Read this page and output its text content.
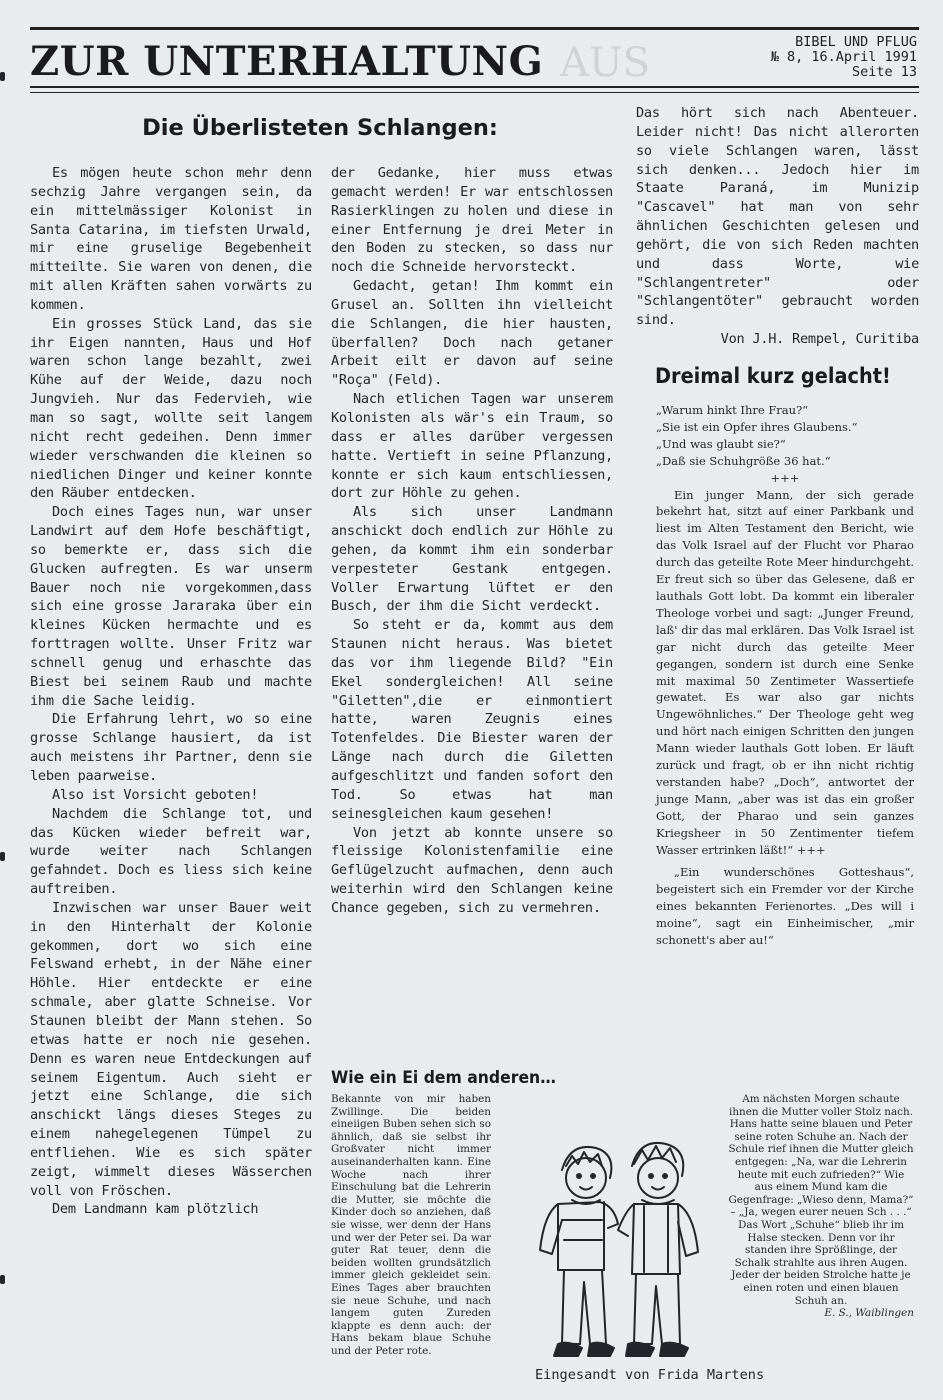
AUS
ZUR UNTERHALTUNG	BIBEL UND PFLUG
№ 8, 16.April 1991
Seite 13
Die Überlisteten Schlangen:

Es mögen heute schon mehr denn sechzig Jahre vergangen sein, da ein mittelmässiger Kolonist in Santa Catarina, im tiefsten Urwald, mir eine gruselige Begebenheit mitteilte. Sie waren von denen, die mit allen Kräften sahen vorwärts zu kommen.

Ein grosses Stück Land, das sie ihr Eigen nannten, Haus und Hof waren schon lange bezahlt, zwei Kühe auf der Weide, dazu noch Jungvieh. Nur das Federvieh, wie man so sagt, wollte seit langem nicht recht gedeihen. Denn immer wieder verschwanden die kleinen so niedlichen Dinger und keiner konnte den Räuber entdecken.

Doch eines Tages nun, war unser Landwirt auf dem Hofe beschäftigt, so bemerkte er, dass sich die Glucken aufregten. Es war unserm Bauer noch nie vorgekommen,dass sich eine grosse Jararaka über ein kleines Kücken hermachte und es forttragen wollte. Unser Fritz war schnell genug und erhaschte das Biest bei seinem Raub und machte ihm die Sache leidig.

Die Erfahrung lehrt, wo so eine grosse Schlange hausiert, da ist auch meistens ihr Partner, denn sie leben paarweise.

Also ist Vorsicht geboten!

Nachdem die Schlange tot, und das Kücken wieder befreit war, wurde weiter nach Schlangen gefahndet. Doch es liess sich keine auftreiben.

Inzwischen war unser Bauer weit in den Hinterhalt der Kolonie gekommen, dort wo sich eine Felswand erhebt, in der Nähe einer Höhle. Hier entdeckte er eine schmale, aber glatte Schneise. Vor Staunen bleibt der Mann stehen. So etwas hatte er noch nie gesehen. Denn es waren neue Entdeckungen auf seinem Eigentum. Auch sieht er jetzt eine Schlange, die sich anschickt längs dieses Steges zu einem nahegelegenen Tümpel zu entfliehen. Wie es sich später zeigt, wimmelt dieses Wässerchen voll von Fröschen.

Dem Landmann kam plötzlich

der Gedanke, hier muss etwas gemacht werden! Er war entschlossen Rasierklingen zu holen und diese in einer Entfernung je drei Meter in den Boden zu stecken, so dass nur noch die Schneide hervorsteckt.

Gedacht, getan! Ihm kommt ein Grusel an. Sollten ihn vielleicht die Schlangen, die hier hausten, überfallen? Doch nach getaner Arbeit eilt er davon auf seine "Roça" (Feld).

Nach etlichen Tagen war unserem Kolonisten als wär's ein Traum, so dass er alles darüber vergessen hatte. Vertieft in seine Pflanzung, konnte er sich kaum entschliessen, dort zur Höhle zu gehen.

Als sich unser Landmann anschickt doch endlich zur Höhle zu gehen, da kommt ihm ein sonderbar verpesteter Gestank entgegen. Voller Erwartung lüftet er den Busch, der ihm die Sicht verdeckt.

So steht er da, kommt aus dem Staunen nicht heraus. Was bietet das vor ihm liegende Bild? "Ein Ekel sondergleichen! All seine "Giletten",die er einmontiert hatte, waren Zeugnis eines Totenfeldes. Die Biester waren der Länge nach durch die Giletten aufgeschlitzt und fanden sofort den Tod. So etwas hat man seinesgleichen kaum gesehen!

Von jetzt ab konnte unsere so fleissige Kolonistenfamilie eine Geflügelzucht aufmachen, denn auch weiterhin wird den Schlangen keine Chance gegeben, sich zu vermehren.

Das hört sich nach Abenteuer. Leider nicht! Das nicht allerorten so viele Schlangen waren, lässt sich denken... Jedoch hier im Staate Paraná, im Munizip "Cascavel" hat man von sehr ähnlichen Geschichten gelesen und gehört, die von sich Reden machten und dass Worte, wie "Schlangentreter" oder "Schlangentöter" gebraucht worden sind.

Von J.H. Rempel, Curitiba

Dreimal kurz gelacht!

„Warum hinkt Ihre Frau?“

„Sie ist ein Opfer ihres Glaubens.“

„Und was glaubt sie?“

„Daß sie Schuhgröße 36 hat.“

+++

Ein junger Mann, der sich gerade bekehrt hat, sitzt auf einer Parkbank und liest im Alten Testament den Bericht, wie das Volk Israel auf der Flucht vor Pharao durch das geteilte Rote Meer hindurchgeht. Er freut sich so über das Gelesene, daß er lauthals Gott lobt. Da kommt ein liberaler Theologe vorbei und sagt: „Junger Freund, laß' dir das mal erklären. Das Volk Israel ist gar nicht durch das geteilte Meer gegangen, sondern ist durch eine Senke mit maximal 50 Zentimeter Wassertiefe gewatet. Es war also gar nichts Ungewöhnliches.“ Der Theologe geht weg und hört nach einigen Schritten den jungen Mann wieder lauthals Gott loben. Er läuft zurück und fragt, ob er ihn nicht richtig verstanden habe? „Doch“, antwortet der junge Mann, „aber was ist das ein großer Gott, der Pharao und sein ganzes Kriegsheer in 50 Zentimenter tiefem Wasser ertrinken läßt!“ +++

„Ein wunderschönes Gotteshaus“, begeistert sich ein Fremder vor der Kirche eines bekannten Ferienortes. „Des will i moine“, sagt ein Einheimischer, „mir schonett's aber au!“

Wie ein Ei dem anderen…

Bekannte von mir haben Zwillinge. Die beiden eineiigen Buben sehen sich so ähnlich, daß sie selbst ihr Großvater nicht immer auseinanderhalten kann. Eine Woche nach ihrer Einschulung bat die Lehrerin die Mutter, sie möchte die Kinder doch so anziehen, daß sie wisse, wer denn der Hans und wer der Peter sei. Da war guter Rat teuer, denn die beiden wollten grundsätzlich immer gleich gekleidet sein. Eines Tages aber brauchten sie neue Schuhe, und nach langem guten Zureden klappte es denn auch: der Hans bekam blaue Schuhe und der Peter rote.

Am nächsten Morgen schaute ihnen die Mutter voller Stolz nach. Hans hatte seine blauen und Peter seine roten Schuhe an. Nach der Schule rief ihnen die Mutter gleich entgegen: „Na, war die Lehrerin heute mit euch zufrieden?“ Wie aus einem Mund kam die Gegenfrage: „Wieso denn, Mama?“ – „Ja, wegen eurer neuen Sch . . .“ Das Wort „Schuhe“ blieb ihr im Halse stecken. Denn vor ihr standen ihre Sprößlinge, der Schalk strahlte aus ihren Augen. Jeder der beiden Strolche hatte je einen roten und einen blauen Schuh an.

E. S., Waiblingen

Eingesandt von Frida Martens
